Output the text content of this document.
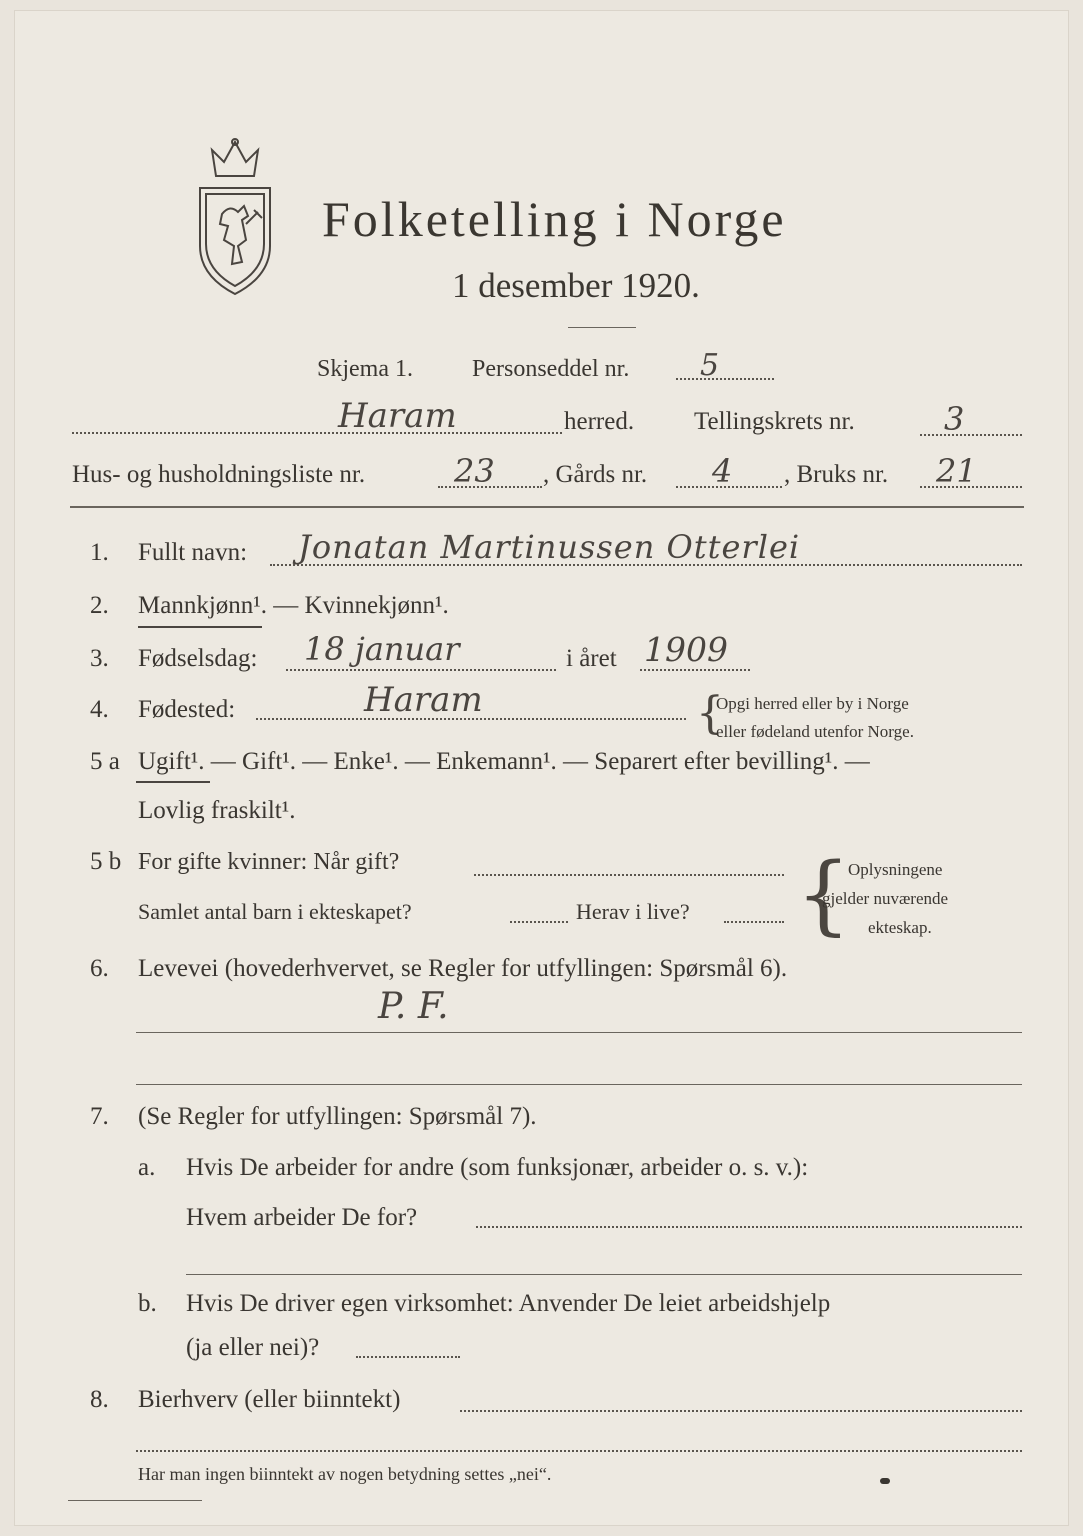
Folketelling i Norge
1 desember 1920.
Skjema 1. Personseddel nr. 5
Haram	herred. Tellingskrets nr.	3
Hus- og husholdningsliste nr.	23 , Gårds nr. 4 , Bruks nr. 21
1. Fullt navn: Jonatan Martinussen Otterlei
2. Mannkjønn¹. — Kvinnekjønn¹.
3. Fødselsdag: 18 januar	i året 1909
4. Fødested:	Haram	{
Opgi herred eller by i Norge
eller fødeland utenfor Norge.
5 a Ugift¹. — Gift¹. — Enke¹. — Enkemann¹. — Separert efter bevilling¹. —
Lovlig fraskilt¹.
5 b For gifte kvinner: Når gift?
Samlet antal barn i ekteskapet?	Herav i live? {
Oplysningene
gjelder nuværende
ekteskap.
6. Levevei (hovederhvervet, se Regler for utfyllingen: Spørsmål 6).
P. F.
7. (Se Regler for utfyllingen: Spørsmål 7).
a. Hvis De arbeider for andre (som funksjonær, arbeider o. s. v.):
Hvem arbeider De for?
b. Hvis De driver egen virksomhet: Anvender De leiet arbeidshjelp
(ja eller nei)?
8. Bierhverv (eller biinntekt)
Har man ingen biinntekt av nogen betydning settes „nei“.
